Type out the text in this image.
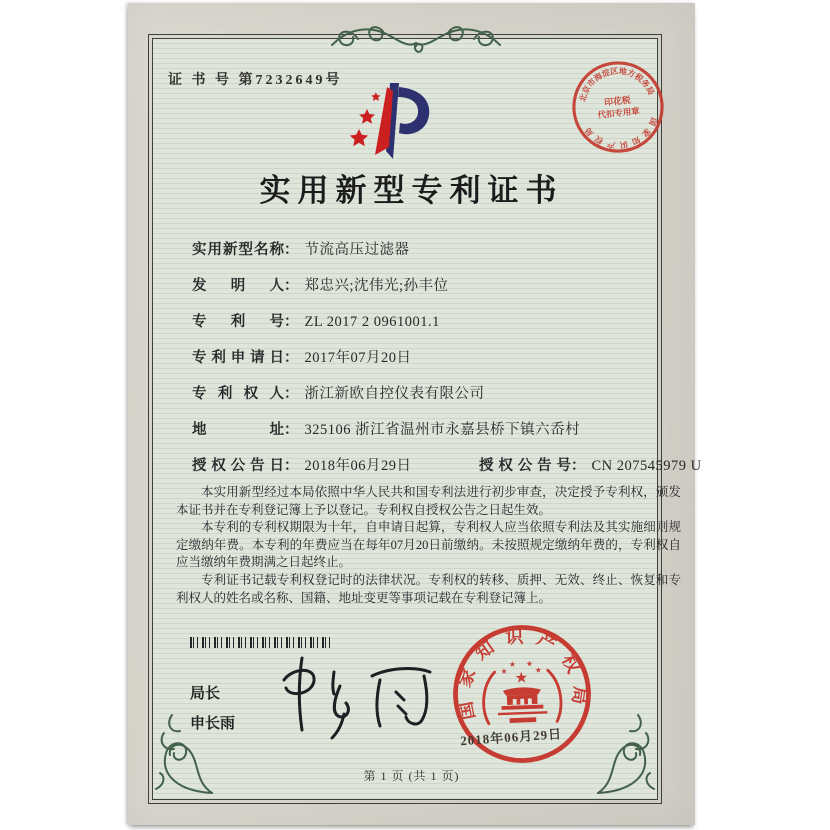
证 书 号 第7232649号
北京市海淀区地方税务局
国家知识产权局
印花税
代扣专用章
实用新型专利证书
实用新型名称 ： 节流高压过滤器
发明人 ： 郑忠兴;沈伟光;孙丰位
专利号 ： ZL 2017 2 0961001.1
专利申请日 ： 2017年07月20日
专利权人 ： 浙江新欧自控仪表有限公司
地址 ： 325106 浙江省温州市永嘉县桥下镇六岙村
授权公告日 ： 2018年06月29日	授权公告号 ： CN 207545979 U

本实用新型经过本局依照中华人民共和国专利法进行初步审查，决定授予专利权，颁发本证书并在专利登记簿上予以登记。专利权自授权公告之日起生效。

本专利的专利权期限为十年，自申请日起算，专利权人应当依照专利法及其实施细则规定缴纳年费。本专利的年费应当在每年07月20日前缴纳。未按照规定缴纳年费的，专利权自应当缴纳年费期满之日起终止。

专利证书记载专利权登记时的法律状况。专利权的转移、质押、无效、终止、恢复和专利权人的姓名或名称、国籍、地址变更等事项记载在专利登记簿上。

局长
申长雨
国家知识产权局
★
★
★ ★
★
2018年06月29日
第 1 页 (共 1 页)
